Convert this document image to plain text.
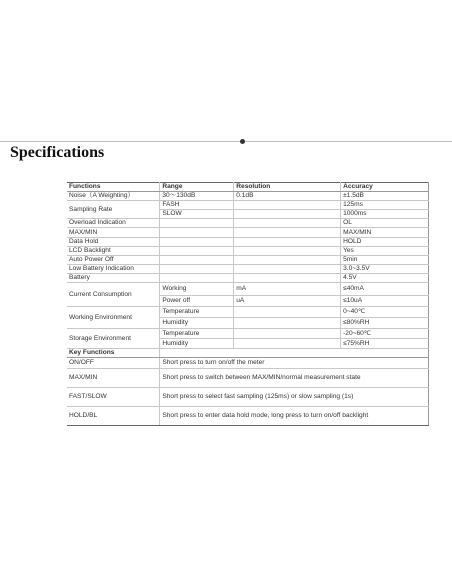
Specifications
Functions	Range	Resolution	Accuracy
Noise（A Weighting）	30～130dB	0.1dB	±1.5dB
Sampling Rate	FASH		125ms
	SLOW		1000ms
Overload Indication			OL
MAX/MIN			MAX/MIN
Data Hold			HOLD
LCD Backlight			Yes
Auto Power Off			5min
Low Battery Indication			3.0~3.5V
Battery			4.5V
Current Consumption	Working	mA	≤40mA
	Power off	uA	≤10uA
Working Environment	Temperature		0~40℃
	Humidity		≤80%RH
Storage Environment	Temperature		-20~60℃
	Humidity		≤75%RH
Key Functions			
ON/OFF	Short press to turn on/off the meter		
MAX/MIN	Short press to switch between MAX/MIN/normal measurement state		
FAST/SLOW	Short press to select fast sampling (125ms) or slow sampling (1s)		
HOLD/BL	Short press to enter data hold mode, long press to turn on/off backlight		
